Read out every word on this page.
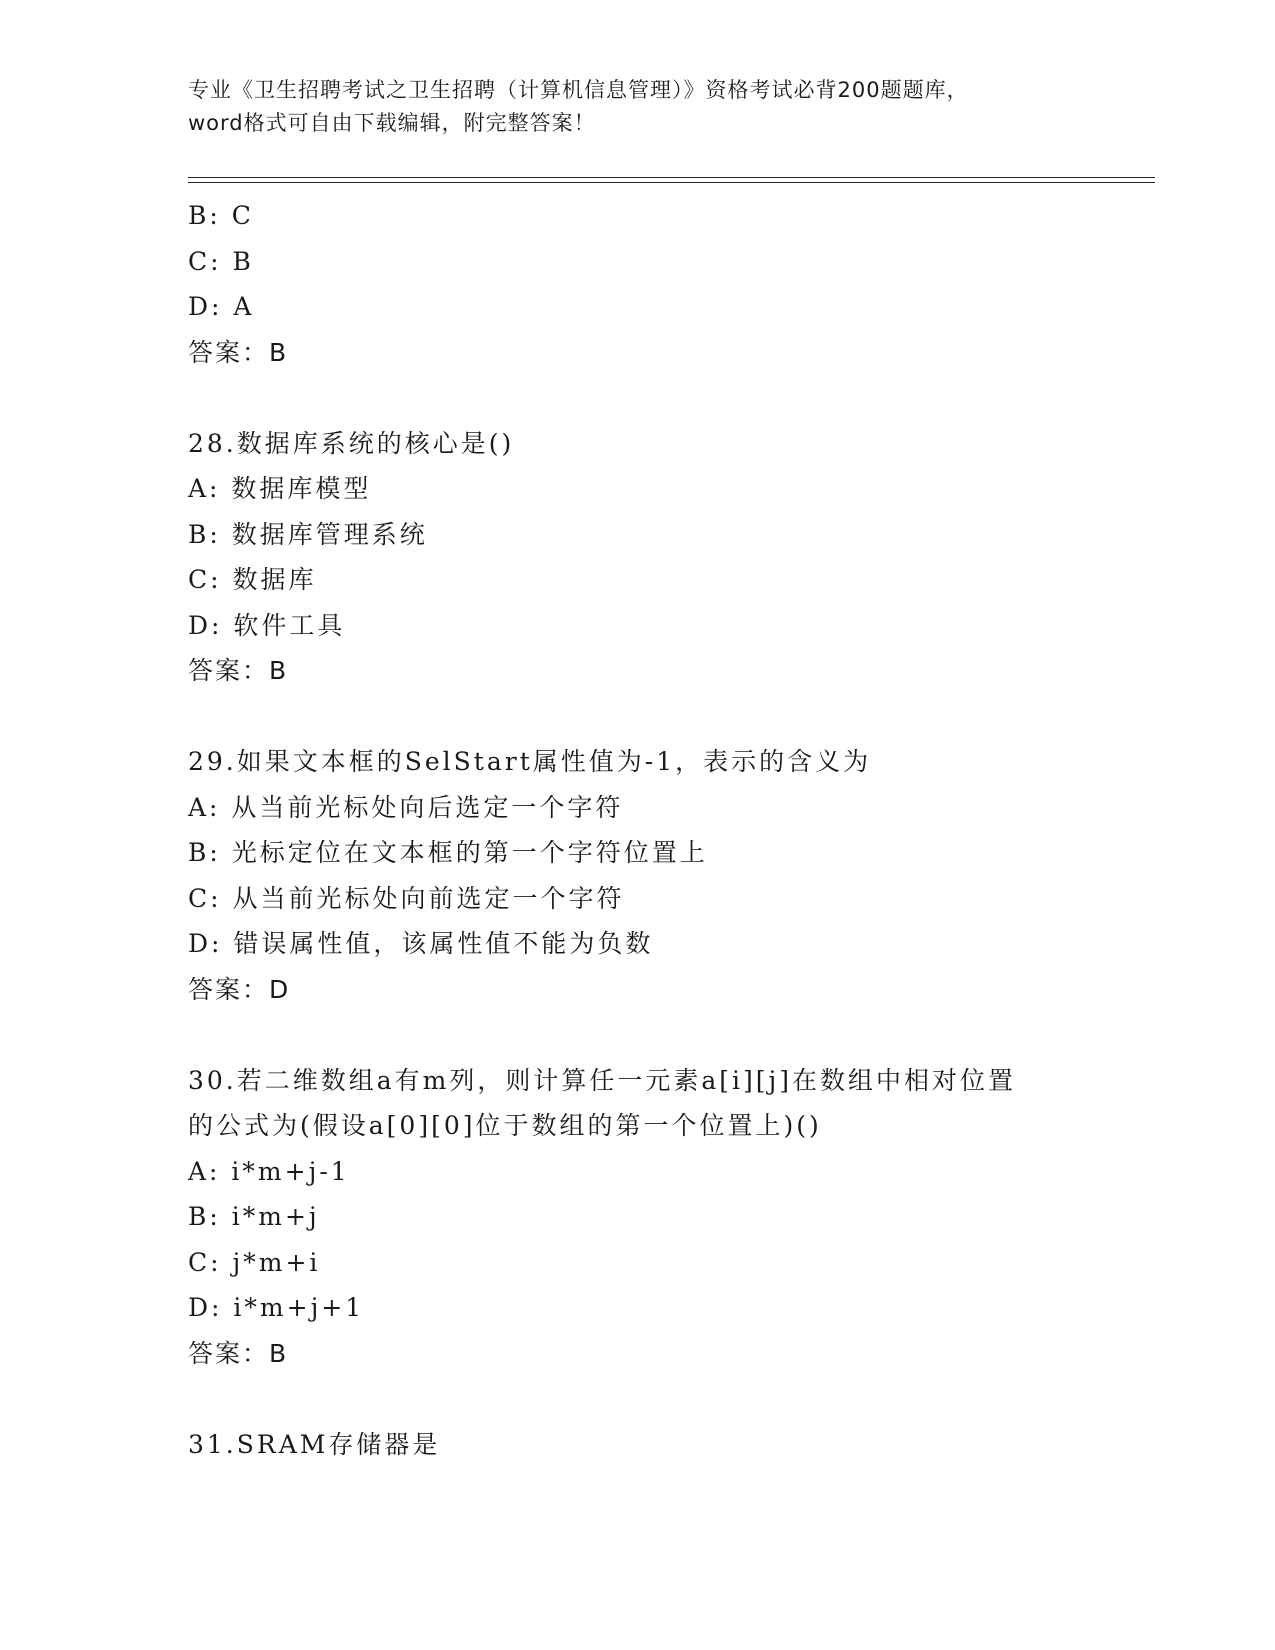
专业《卫生招聘考试之卫生招聘（计算机信息管理）》资格考试必背200题题库，
word格式可自由下载编辑，附完整答案！
B: C
C: B
D: A
答案：B
28.数据库系统的核心是()
A: 数据库模型
B: 数据库管理系统
C: 数据库
D: 软件工具
答案：B
29.如果文本框的SelStart属性值为-1，表示的含义为
A: 从当前光标处向后选定一个字符
B: 光标定位在文本框的第一个字符位置上
C: 从当前光标处向前选定一个字符
D: 错误属性值，该属性值不能为负数
答案：D
30.若二维数组a有m列，则计算任一元素a[i][j]在数组中相对位置
的公式为(假设a[0][0]位于数组的第一个位置上)()
A: i*m+j-1
B: i*m+j
C: j*m+i
D: i*m+j+1
答案：B
31.SRAM存储器是
